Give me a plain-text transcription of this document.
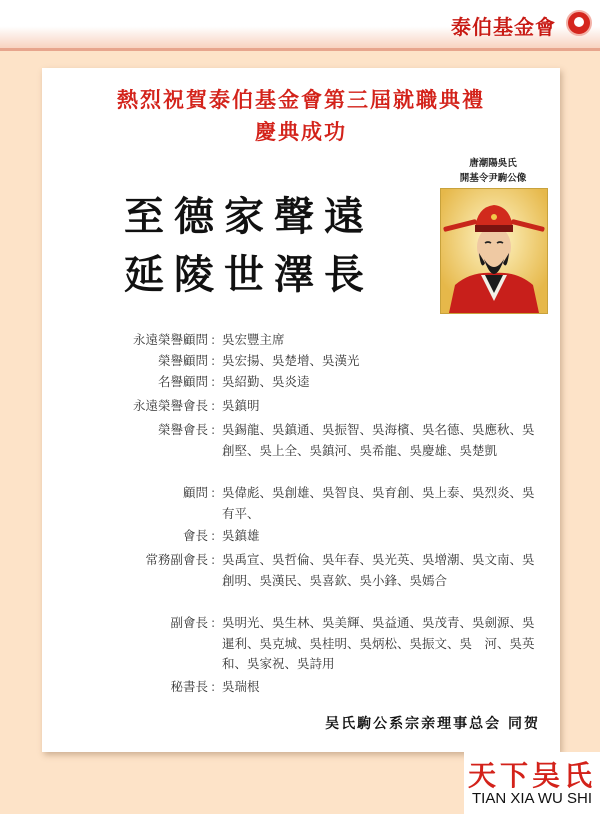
泰伯基金會
熱烈祝賀泰伯基金會第三屆就職典禮
慶典成功
唐潮陽吳氏
開基令尹駒公像
至德家聲遠
延陵世澤長
永遠榮譽顧問 : 吳宏豐主席
榮譽顧問 : 吳宏揚、吳楚增、吳漢光
名譽顧問 : 吳紹勤、吳炎逵
永遠榮譽會長 : 吳鎮明
榮譽會長 : 吳錫龍、吳鎮通、吳振智、吳海檳、吳名德、吳應秋、吳創堅、吳上全、吳鎮河、吳希龍、吳慶雄、吳楚凱
顧問 : 吳偉彪、吳創雄、吳智良、吳育創、吳上泰、吳烈炎、吳有平、
會長 : 吳鎮雄
常務副會長 : 吳禹宣、吳哲倫、吳年春、吳光英、吳增潮、吳文南、吳創明、吳漢民、吳喜欽、吳小鋒、吳嫣合
副會長 : 吳明光、吳生林、吳美輝、吳益通、吳茂青、吳劍源、吳暹利、吳克城、吳桂明、吳炳松、吳振文、吳　河、吳英和、吳家祝、吳詩用
秘書長 : 吳瑞根
吴氏駒公系宗亲理事总会 同贺
天下吴氏
TIAN XIA WU SHI
